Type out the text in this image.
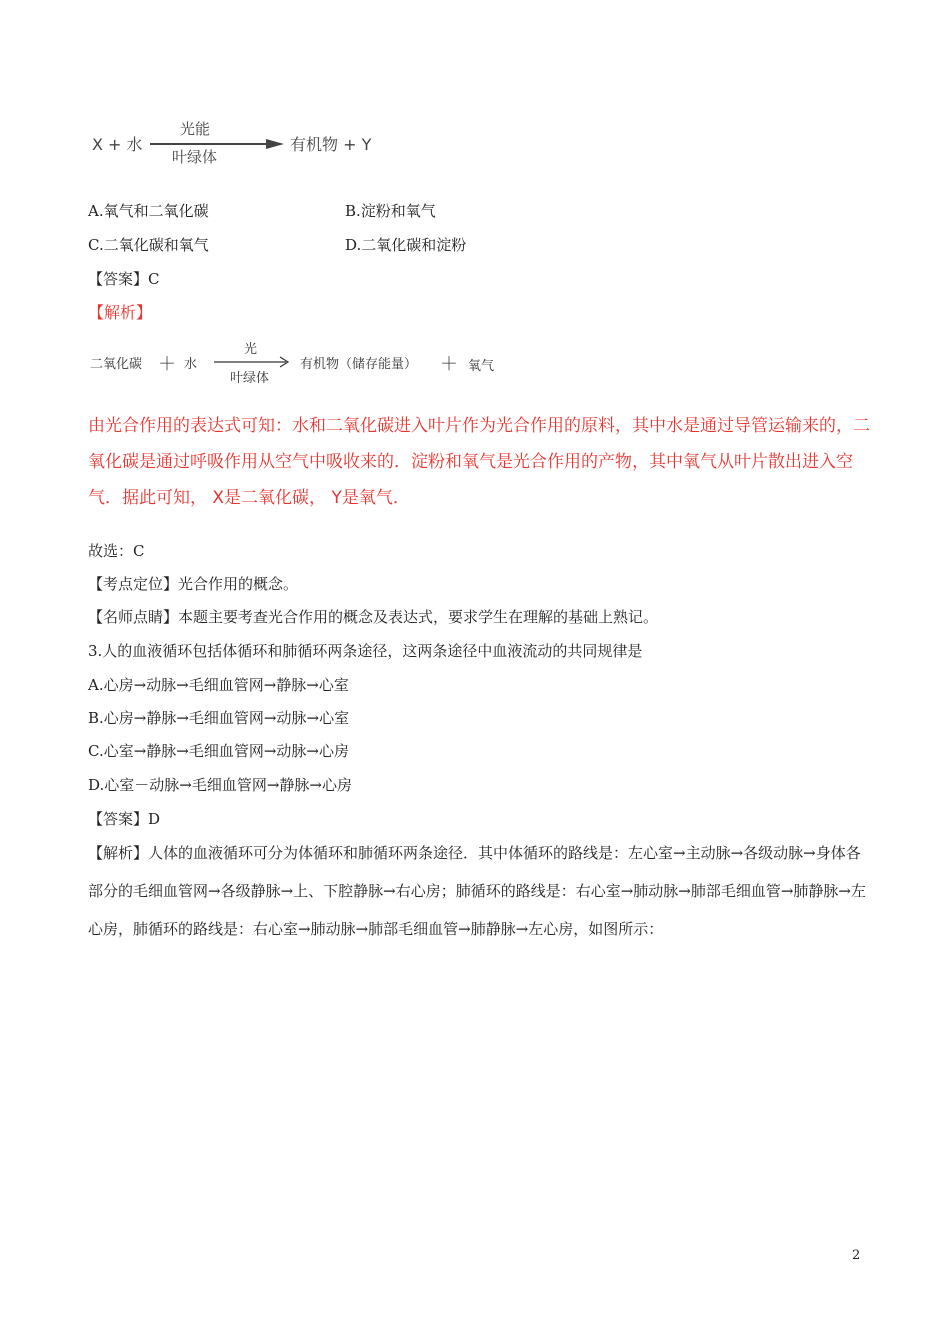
X + 水
光能
叶绿体
有机物 + Y
A.氧气和二氧化碳	B.淀粉和氧气
C.二氧化碳和氧气	D.二氧化碳和淀粉
【答案】C
【解析】
二氧化碳 ＋ 水
光
叶绿体
有机物（储存能量） ＋ 氧气
由光合作用的表达式可知：水和二氧化碳进入叶片作为光合作用的原料，其中水是通过导管运输来的，二氧化碳是通过呼吸作用从空气中吸收来的．淀粉和氧气是光合作用的产物，其中氧气从叶片散出进入空气．据此可知， X是二氧化碳， Y是氧气．
故选：C
【考点定位】光合作用的概念。
【名师点睛】本题主要考查光合作用的概念及表达式，要求学生在理解的基础上熟记。
3.人的血液循环包括体循环和肺循环两条途径，这两条途径中血液流动的共同规律是
A.心房→动脉→毛细血管网→静脉→心室
B.心房→静脉→毛细血管网→动脉→心室
C.心室→静脉→毛细血管网→动脉→心房
D.心室－动脉→毛细血管网→静脉→心房
【答案】D
【解析】人体的血液循环可分为体循环和肺循环两条途径．其中体循环的路线是：左心室→主动脉→各级动脉→身体各部分的毛细血管网→各级静脉→上、下腔静脉→右心房；肺循环的路线是：右心室→肺动脉→肺部毛细血管→肺静脉→左心房，肺循环的路线是：右心室→肺动脉→肺部毛细血管→肺静脉→左心房，如图所示：
2
